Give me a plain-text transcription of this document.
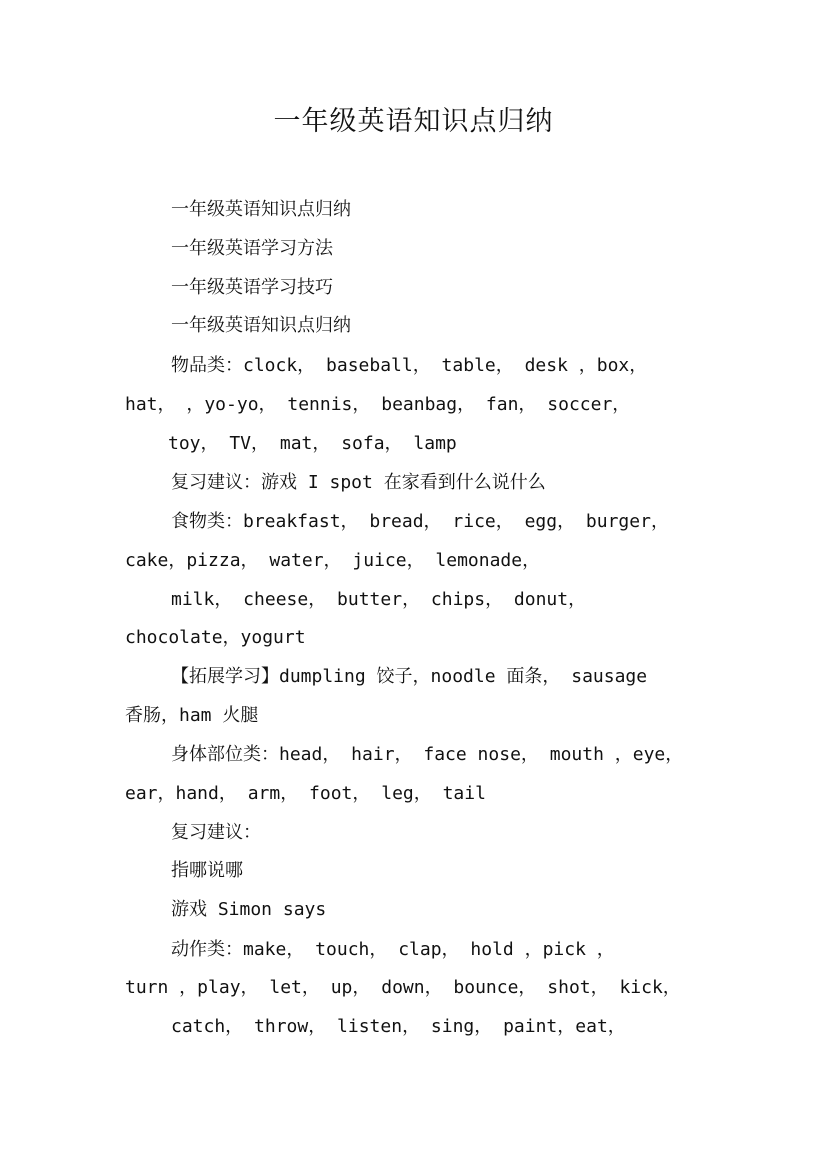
一年级英语知识点归纳
一年级英语知识点归纳
一年级英语学习方法
一年级英语学习技巧
一年级英语知识点归纳
物品类：clock， baseball， table， desk ，box，
hat， ，yo-yo， tennis， beanbag， fan， soccer，
toy， TV， mat， sofa， lamp
复习建议：游戏 I spot 在家看到什么说什么
食物类：breakfast， bread， rice， egg， burger，
cake，pizza， water， juice， lemonade，
milk， cheese， butter， chips， donut，
chocolate，yogurt
【拓展学习】dumpling 饺子，noodle 面条， sausage
香肠，ham 火腿
身体部位类：head， hair， face nose， mouth ，eye，
ear，hand， arm， foot， leg， tail
复习建议：
指哪说哪
游戏 Simon says
动作类：make， touch， clap， hold ，pick ，
turn ，play， let， up， down， bounce， shot， kick，
catch， throw， listen， sing， paint，eat，
